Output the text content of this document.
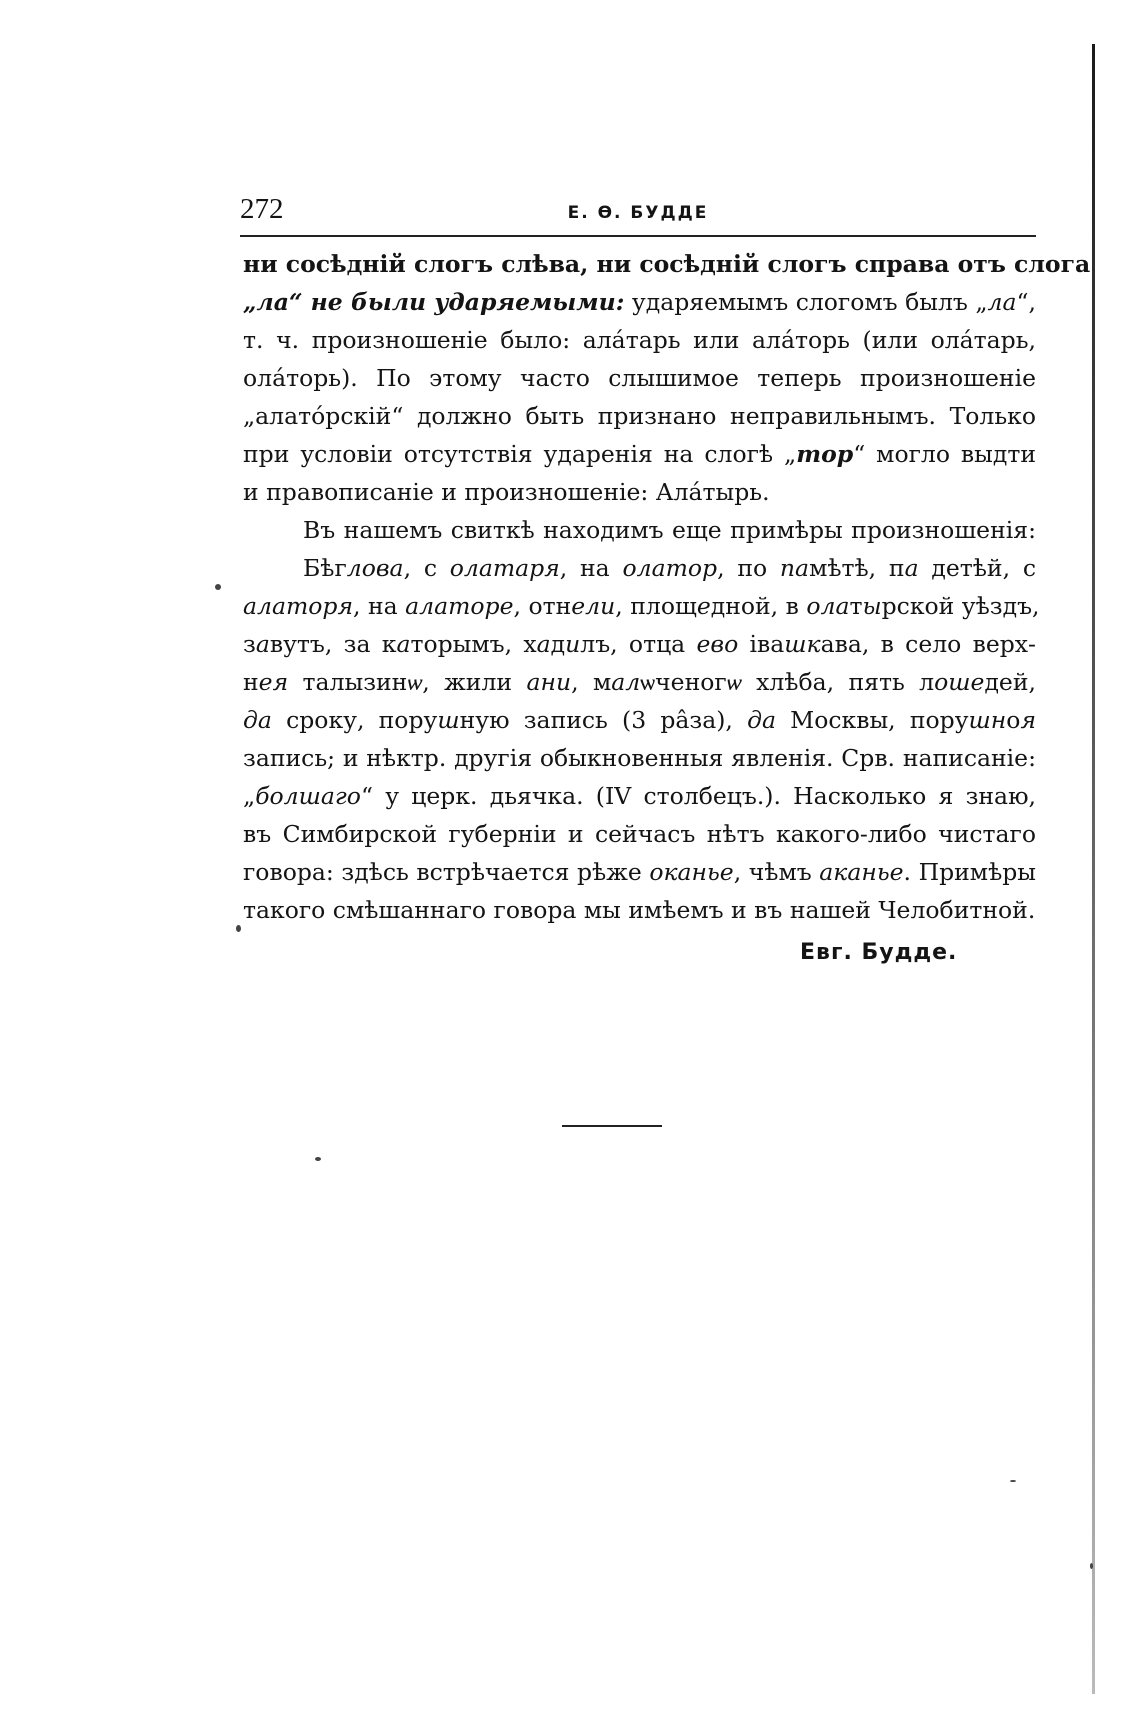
272	Е. Ѳ. БУДДЕ
ни сосѣдній слогъ слѣва, ни сосѣдній слогъ справа отъ слога
„ла“ не были ударяемыми: ударяемымъ слогомъ былъ „ла“,
т. ч. произношеніе было: ала́тарь или ала́торь (или ола́тарь,
ола́торь). По этому часто слышимое теперь произношеніе
„алато́рскій“ должно быть признано неправильнымъ. Только
при условіи отсутствія ударенія на слогѣ „тор“ могло выдти
и правописаніе и произношеніе: Ала́тырь.
Въ нашемъ свиткѣ находимъ еще примѣры произношенія:
Бѣглова, с олатаря, на олатор, по памѣтѣ, па детѣй, с
алаторя, на алаторе, отнели, площедной, в олатырской уѣздъ,
завутъ, за каторымъ, хадилъ, отца ево івашкава, в село верх-
нея талызинѡ, жили ани, малѡченогѡ хлѣба, пять лошедей,
да сроку, порушную запись (3 ра̂за), да Москвы, порушноя
запись; и нѣктр. другія обыкновенныя явленія. Срв. написаніе:
„болшаго“ у церк. дьячка. (IV столбецъ.). Насколько я знаю,
въ Симбирской губерніи и сейчасъ нѣтъ какого-либо чистаго
говора: здѣсь встрѣчается рѣже оканье, чѣмъ аканье. Примѣры
такого смѣшаннаго говора мы имѣемъ и въ нашей Челобитной.
Евг. Будде.
